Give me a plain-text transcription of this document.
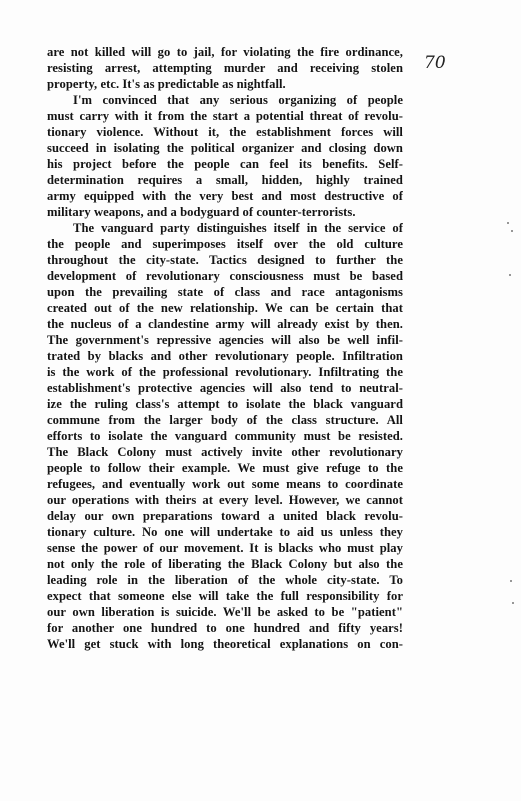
70
are not killed will go to jail, for violating the fire ordinance,
resisting arrest, attempting murder and receiving stolen
property, etc. It's as predictable as nightfall.
I'm convinced that any serious organizing of people
must carry with it from the start a potential threat of revolu-
tionary violence. Without it, the establishment forces will
succeed in isolating the political organizer and closing down
his project before the people can feel its benefits. Self-
determination requires a small, hidden, highly trained
army equipped with the very best and most destructive of
military weapons, and a bodyguard of counter-terrorists.
The vanguard party distinguishes itself in the service of
the people and superimposes itself over the old culture
throughout the city-state. Tactics designed to further the
development of revolutionary consciousness must be based
upon the prevailing state of class and race antagonisms
created out of the new relationship. We can be certain that
the nucleus of a clandestine army will already exist by then.
The government's repressive agencies will also be well infil-
trated by blacks and other revolutionary people. Infiltration
is the work of the professional revolutionary. Infiltrating the
establishment's protective agencies will also tend to neutral-
ize the ruling class's attempt to isolate the black vanguard
commune from the larger body of the class structure. All
efforts to isolate the vanguard community must be resisted.
The Black Colony must actively invite other revolutionary
people to follow their example. We must give refuge to the
refugees, and eventually work out some means to coordinate
our operations with theirs at every level. However, we cannot
delay our own preparations toward a united black revolu-
tionary culture. No one will undertake to aid us unless they
sense the power of our movement. It is blacks who must play
not only the role of liberating the Black Colony but also the
leading role in the liberation of the whole city-state. To
expect that someone else will take the full responsibility for
our own liberation is suicide. We'll be asked to be "patient"
for another one hundred to one hundred and fifty years!
We'll get stuck with long theoretical explanations on con-
